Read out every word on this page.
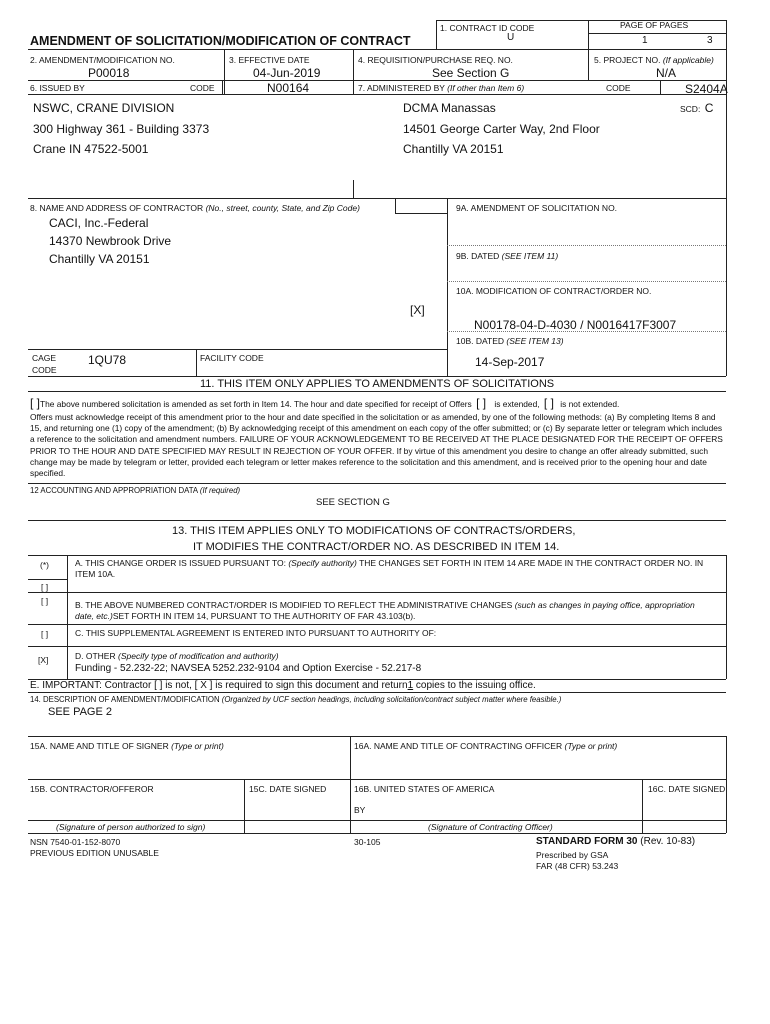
AMENDMENT OF SOLICITATION/MODIFICATION OF CONTRACT
1. CONTRACT ID CODE
U
PAGE OF PAGES
1	3
2. AMENDMENT/MODIFICATION NO.
P00018
3. EFFECTIVE DATE
04-Jun-2019
4. REQUISITION/PURCHASE REQ. NO.
See Section G
5. PROJECT NO. (If applicable)
N/A
6. ISSUED BY	CODE	N00164	7. ADMINISTERED BY (If other than Item 6)	CODE	S2404A
SCD: C
NSWC, CRANE DIVISION
300 Highway 361 - Building 3373
Crane IN 47522-5001
DCMA Manassas
14501 George Carter Way, 2nd Floor
Chantilly VA 20151
8. NAME AND ADDRESS OF CONTRACTOR (No., street, county, State, and Zip Code)
CACI, Inc.-Federal
14370 Newbrook Drive
Chantilly VA 20151
[X]
9A. AMENDMENT OF SOLICITATION NO.
9B. DATED (SEE ITEM 11)
10A. MODIFICATION OF CONTRACT/ORDER NO.
N00178-04-D-4030 / N0016417F3007
10B. DATED (SEE ITEM 13)
14-Sep-2017
CAGE
CODE
1QU78	FACILITY CODE
11. THIS ITEM ONLY APPLIES TO AMENDMENTS OF SOLICITATIONS
[ ]The above numbered solicitation is amended as set forth in Item 14. The hour and date specified for receipt of Offers [ ] is extended, [ ] is not extended.
Offers must acknowledge receipt of this amendment prior to the hour and date specified in the solicitation or as amended, by one of the following methods: (a) By completing Items 8 and 15, and returning one (1) copy of the amendment; (b) By acknowledging receipt of this amendment on each copy of the offer submitted; or (c) By separate letter or telegram which includes a reference to the solicitation and amendment numbers. FAILURE OF YOUR ACKNOWLEDGEMENT TO BE RECEIVED AT THE PLACE DESIGNATED FOR THE RECEIPT OF OFFERS PRIOR TO THE HOUR AND DATE SPECIFIED MAY RESULT IN REJECTION OF YOUR OFFER. If by virtue of this amendment you desire to change an offer already submitted, such change may be made by telegram or letter, provided each telegram or letter makes reference to the solicitation and this amendment, and is received prior to the opening hour and date specified.
12 ACCOUNTING AND APPROPRIATION DATA (If required)
SEE SECTION G
13. THIS ITEM APPLIES ONLY TO MODIFICATIONS OF CONTRACTS/ORDERS,
IT MODIFIES THE CONTRACT/ORDER NO. AS DESCRIBED IN ITEM 14.
(*)	A. THIS CHANGE ORDER IS ISSUED PURSUANT TO: (Specify authority) THE CHANGES SET FORTH IN ITEM 14 ARE MADE IN THE CONTRACT ORDER NO. IN
ITEM 10A.
[ ]
[ ]	B. THE ABOVE NUMBERED CONTRACT/ORDER IS MODIFIED TO REFLECT THE ADMINISTRATIVE CHANGES (such as changes in paying office, appropriation
date, etc.)SET FORTH IN ITEM 14, PURSUANT TO THE AUTHORITY OF FAR 43.103(b).
[ ]	C. THIS SUPPLEMENTAL AGREEMENT IS ENTERED INTO PURSUANT TO AUTHORITY OF:
[X]	D. OTHER (Specify type of modification and authority)
Funding - 52.232-22; NAVSEA 5252.232-9104 and Option Exercise - 52.217-8
E. IMPORTANT: Contractor [ ] is not, [ X ] is required to sign this document and return1 copies to the issuing office.
14. DESCRIPTION OF AMENDMENT/MODIFICATION (Organized by UCF section headings, including solicitation/contract subject matter where feasible.)
SEE PAGE 2
15A. NAME AND TITLE OF SIGNER (Type or print)	16A. NAME AND TITLE OF CONTRACTING OFFICER (Type or print)
15B. CONTRACTOR/OFFEROR	15C. DATE SIGNED	16B. UNITED STATES OF AMERICA	16C. DATE SIGNED
BY
(Signature of person authorized to sign)	(Signature of Contracting Officer)
NSN 7540-01-152-8070
PREVIOUS EDITION UNUSABLE
30-105	STANDARD FORM 30 (Rev. 10-83)
Prescribed by GSA
FAR (48 CFR) 53.243
